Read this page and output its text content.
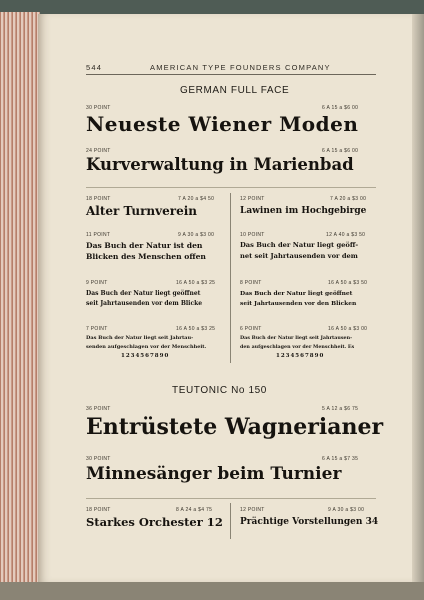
544	AMERICAN TYPE FOUNDERS COMPANY
GERMAN FULL FACE
30 POINT	6 A 15 a $6 00
Neueste Wiener Moden
24 POINT	6 A 15 a $6 00
Kurverwaltung in Marienbad
18 POINT	7 A 20 a $4 50
Alter Turnverein
12 POINT	7 A 20 a $3 00
Lawinen im Hochgebirge
11 POINT	9 A 30 a $3 00
Das Buch der Natur ist den
Blicken des Menschen offen
10 POINT	12 A 40 a $3 50
Das Buch der Natur liegt geöff-
net seit Jahrtausenden vor dem
9 POINT	16 A 50 a $3 25
Das Buch der Natur liegt geöffnet
seit Jahrtausenden vor dem Blicke
8 POINT	16 A 50 a $3 50
Das Buch der Natur liegt geöffnet
seit Jahrtausenden vor den Blicken
7 POINT	16 A 50 a $3 25
Das Buch der Natur liegt seit Jahrtau-
senden aufgeschlagen vor der Menschheit.
1234567890
6 POINT	16 A 50 a $3 00
Das Buch der Natur liegt seit Jahrtausen-
den aufgeschlagen vor der Menschheit. Es
1234567890
TEUTONIC No 150
36 POINT	5 A 12 a $6 75
Entrüstete Wagnerianer
30 POINT	6 A 15 a $7 35
Minnesänger beim Turnier
18 POINT	8 A 24 a $4 75
Starkes Orchester 12
12 POINT	9 A 30 a $3 00
Prächtige Vorstellungen 34
